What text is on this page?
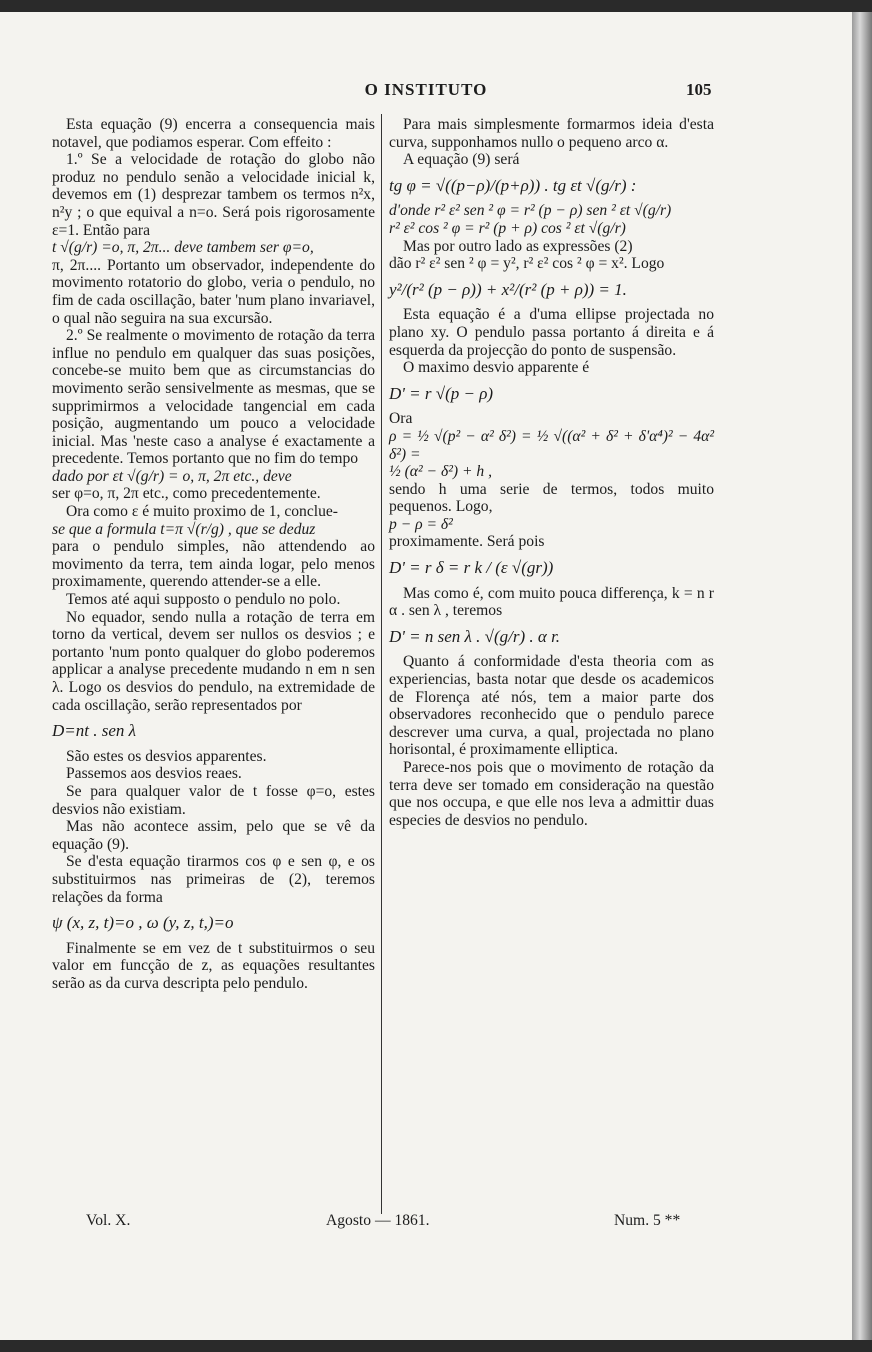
O INSTITUTO	105

Esta equação (9) encerra a consequencia mais notavel, que podiamos esperar. Com effeito :

1.º Se a velocidade de rotação do globo não produz no pendulo senão a velocidade inicial k, devemos em (1) desprezar tambem os termos n²x, n²y ; o que equival a n=o. Será pois rigorosamente ε=1. Então para

t √(g/r) =o, π, 2π... deve tambem ser φ=o,

π, 2π.... Portanto um observador, independente do movimento rotatorio do globo, veria o pendulo, no fim de cada oscillação, bater 'num plano invariavel, o qual não seguira na sua excursão.

2.º Se realmente o movimento de rotação da terra influe no pendulo em qualquer das suas posições, concebe-se muito bem que as circumstancias do movimento serão sensivelmente as mesmas, que se supprimirmos a velocidade tangencial em cada posição, augmentando um pouco a velocidade inicial. Mas 'neste caso a analyse é exactamente a precedente. Temos portanto que no fim do tempo

dado por εt √(g/r) = o, π, 2π etc., deve

ser φ=o, π, 2π etc., como precedentemente.

Ora como ε é muito proximo de 1, conclue-

se que a formula t=π √(r/g) , que se deduz

para o pendulo simples, não attendendo ao movimento da terra, tem ainda logar, pelo menos proximamente, querendo attender-se a elle.

Temos até aqui supposto o pendulo no polo.

No equador, sendo nulla a rotação de terra em torno da vertical, devem ser nullos os desvios ; e portanto 'num ponto qualquer do globo poderemos applicar a analyse precedente mudando n em n sen λ. Logo os desvios do pendulo, na extremidade de cada oscillação, serão representados por

D=nt . sen λ

São estes os desvios apparentes.

Passemos aos desvios reaes.

Se para qualquer valor de t fosse φ=o, estes desvios não existiam.

Mas não acontece assim, pelo que se vê da equação (9).

Se d'esta equação tirarmos cos φ e sen φ, e os substituirmos nas primeiras de (2), teremos relações da forma

ψ (x, z, t)=o , ω (y, z, t,)=o

Finalmente se em vez de t substituirmos o seu valor em funcção de z, as equações resultantes serão as da curva descripta pelo pendulo.

Para mais simplesmente formarmos ideia d'esta curva, supponhamos nullo o pequeno arco α.

A equação (9) será

tg φ = √((p−ρ)/(p+ρ)) . tg εt √(g/r) :

d'onde r² ε² sen ² φ = r² (p − ρ) sen ² εt √(g/r)

r² ε² cos ² φ = r² (p + ρ) cos ² εt √(g/r)

Mas por outro lado as expressões (2)

dão r² ε² sen ² φ = y², r² ε² cos ² φ = x². Logo

y²/(r² (p − ρ)) + x²/(r² (p + ρ)) = 1.

Esta equação é a d'uma ellipse projectada no plano xy. O pendulo passa portanto á direita e á esquerda da projecção do ponto de suspensão.

O maximo desvio apparente é

D' = r √(p − ρ)

Ora

ρ = ½ √(p² − α² δ²) = ½ √((α² + δ² + δ'α⁴)² − 4α² δ²) =

½ (α² − δ²) + h ,

sendo h uma serie de termos, todos muito pequenos. Logo,

p − ρ = δ²

proximamente. Será pois

D' = r δ = r k / (ε √(gr))

Mas como é, com muito pouca differença, k = n r α . sen λ , teremos

D' = n sen λ . √(g/r) . α r.

Quanto á conformidade d'esta theoria com as experiencias, basta notar que desde os academicos de Florença até nós, tem a maior parte dos observadores reconhecido que o pendulo parece descrever uma curva, a qual, projectada no plano horisontal, é proximamente elliptica.

Parece-nos pois que o movimento de rotação da terra deve ser tomado em consideração na questão que nos occupa, e que elle nos leva a admittir duas especies de desvios no pendulo.

Vol. X.	Agosto — 1861.	Num. 5 **
